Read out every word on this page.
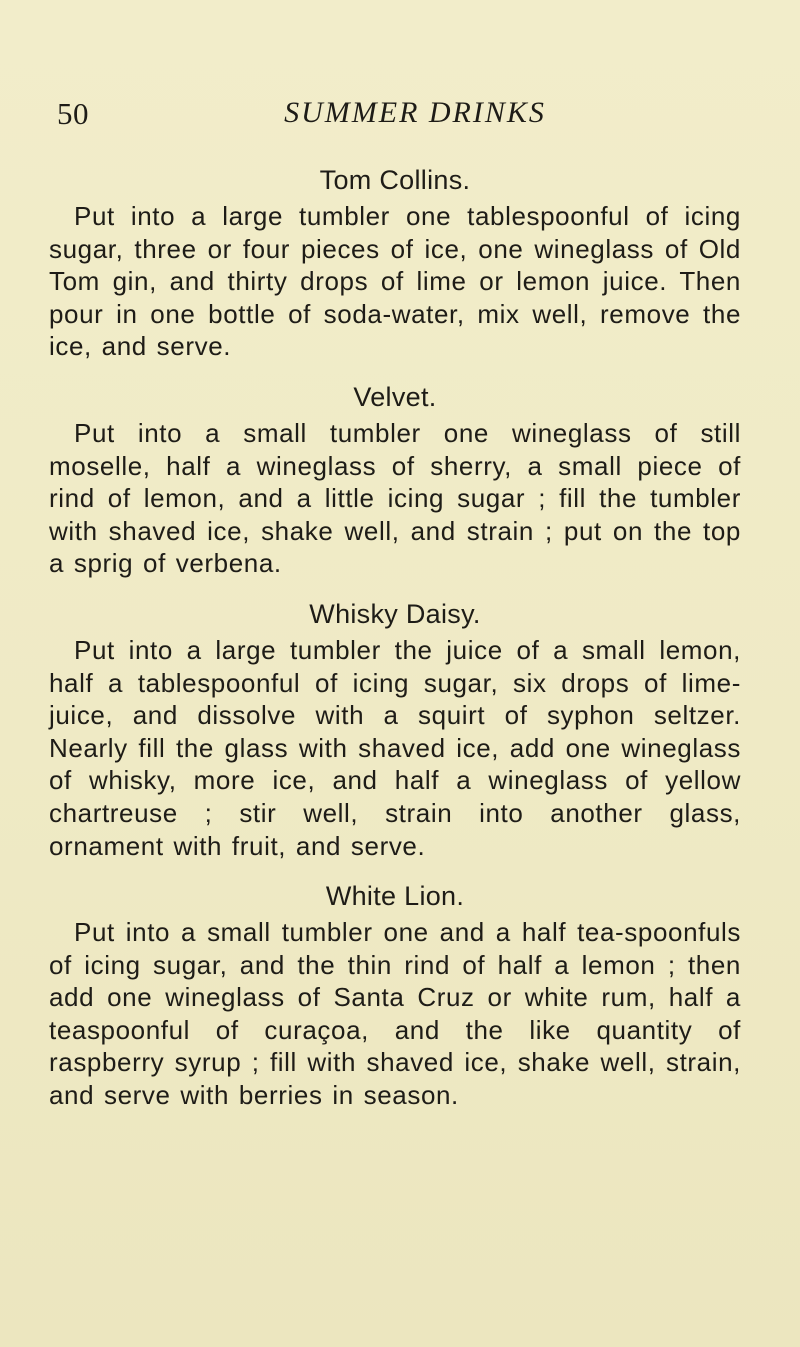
50	SUMMER DRINKS
Tom Collins.

Put into a large tumbler one tablespoonful of icing sugar, three or four pieces of ice, one wineglass of Old Tom gin, and thirty drops of lime or lemon juice. Then pour in one bottle of soda-water, mix well, remove the ice, and serve.

Velvet.

Put into a small tumbler one wineglass of still moselle, half a wineglass of sherry, a small piece of rind of lemon, and a little icing sugar ; fill the tumbler with shaved ice, shake well, and strain ; put on the top a sprig of verbena.

Whisky Daisy.

Put into a large tumbler the juice of a small lemon, half a tablespoonful of icing sugar, six drops of lime-juice, and dissolve with a squirt of syphon seltzer. Nearly fill the glass with shaved ice, add one wineglass of whisky, more ice, and half a wineglass of yellow chartreuse ; stir well, strain into another glass, ornament with fruit, and serve.

White Lion.

Put into a small tumbler one and a half tea-spoonfuls of icing sugar, and the thin rind of half a lemon ; then add one wineglass of Santa Cruz or white rum, half a teaspoonful of curaçoa, and the like quantity of raspberry syrup ; fill with shaved ice, shake well, strain, and serve with berries in season.
